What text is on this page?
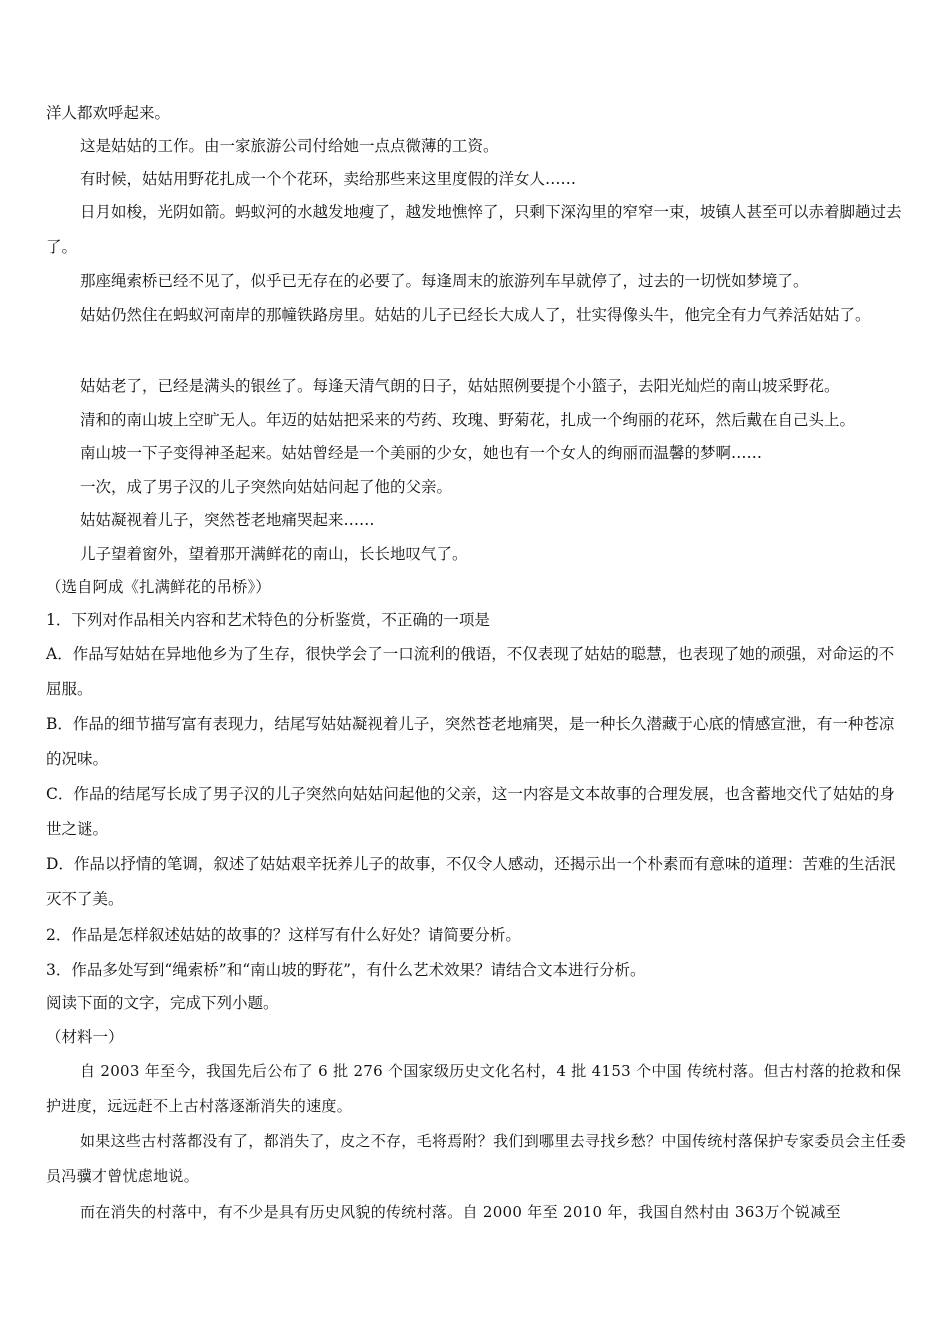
洋人都欢呼起来。

这是姑姑的工作。由一家旅游公司付给她一点点微薄的工资。

有时候，姑姑用野花扎成一个个花环，卖给那些来这里度假的洋女人……

日月如梭，光阴如箭。蚂蚁河的水越发地瘦了，越发地憔悴了，只剩下深沟里的窄窄一束，坡镇人甚至可以赤着脚趟过去了。

那座绳索桥已经不见了，似乎已无存在的必要了。每逢周末的旅游列车早就停了，过去的一切恍如梦境了。

姑姑仍然住在蚂蚁河南岸的那幢铁路房里。姑姑的儿子已经长大成人了，壮实得像头牛，他完全有力气养活姑姑了。

姑姑老了，已经是满头的银丝了。每逢天清气朗的日子，姑姑照例要提个小篮子，去阳光灿烂的南山坡采野花。

清和的南山坡上空旷无人。年迈的姑姑把采来的芍药、玫瑰、野菊花，扎成一个绚丽的花环，然后戴在自己头上。

南山坡一下子变得神圣起来。姑姑曾经是一个美丽的少女，她也有一个女人的绚丽而温馨的梦啊……

一次，成了男子汉的儿子突然向姑姑问起了他的父亲。

姑姑凝视着儿子，突然苍老地痛哭起来……

儿子望着窗外，望着那开满鲜花的南山，长长地叹气了。

（选自阿成《扎满鲜花的吊桥》）

1．下列对作品相关内容和艺术特色的分析鉴赏，不正确的一项是

A．作品写姑姑在异地他乡为了生存，很快学会了一口流利的俄语，不仅表现了姑姑的聪慧，也表现了她的顽强，对命运的不屈服。

B．作品的细节描写富有表现力，结尾写姑姑凝视着儿子，突然苍老地痛哭，是一种长久潜藏于心底的情感宣泄，有一种苍凉的况味。

C．作品的结尾写长成了男子汉的儿子突然向姑姑问起他的父亲，这一内容是文本故事的合理发展，也含蓄地交代了姑姑的身世之谜。

D．作品以抒情的笔调，叙述了姑姑艰辛抚养儿子的故事，不仅令人感动，还揭示出一个朴素而有意味的道理：苦难的生活泯灭不了美。

2．作品是怎样叙述姑姑的故事的？这样写有什么好处？请简要分析。

3．作品多处写到“绳索桥”和“南山坡的野花”，有什么艺术效果？请结合文本进行分析。

阅读下面的文字，完成下列小题。

（材料一）

自 2003 年至今，我国先后公布了 6 批 276 个国家级历史文化名村，4 批 4153 个中国 传统村落。但古村落的抢救和保护进度，远远赶不上古村落逐渐消失的速度。

如果这些古村落都没有了，都消失了，皮之不存，毛将焉附？我们到哪里去寻找乡愁？中国传统村落保护专家委员会主任委员冯骥才曾忧虑地说。

而在消失的村落中，有不少是具有历史风貌的传统村落。自 2000 年至 2010 年，我国自然村由 363万个锐减至
